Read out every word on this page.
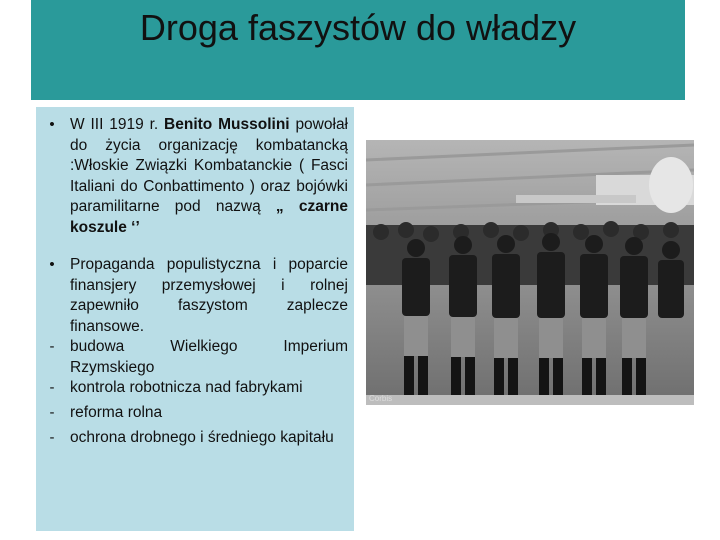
Droga faszystów do władzy
• W III 1919 r. Benito Mussolini powołał do życia organizację kombatancką :Włoskie Związki Kombatanckie ( Fasci Italiani do Conbattimento ) oraz bojówki paramilitarne pod nazwą „ czarne koszule ‘’
• Propaganda populistyczna i poparcie finansjery przemysłowej i rolnej zapewniło faszystom zaplecze finansowe.
-	budowa Wielkiego Imperium Rzymskiego
-	kontrola robotnicza nad fabrykami
-	reforma rolna
-	ochrona drobnego i średniego kapitału
Corbis
